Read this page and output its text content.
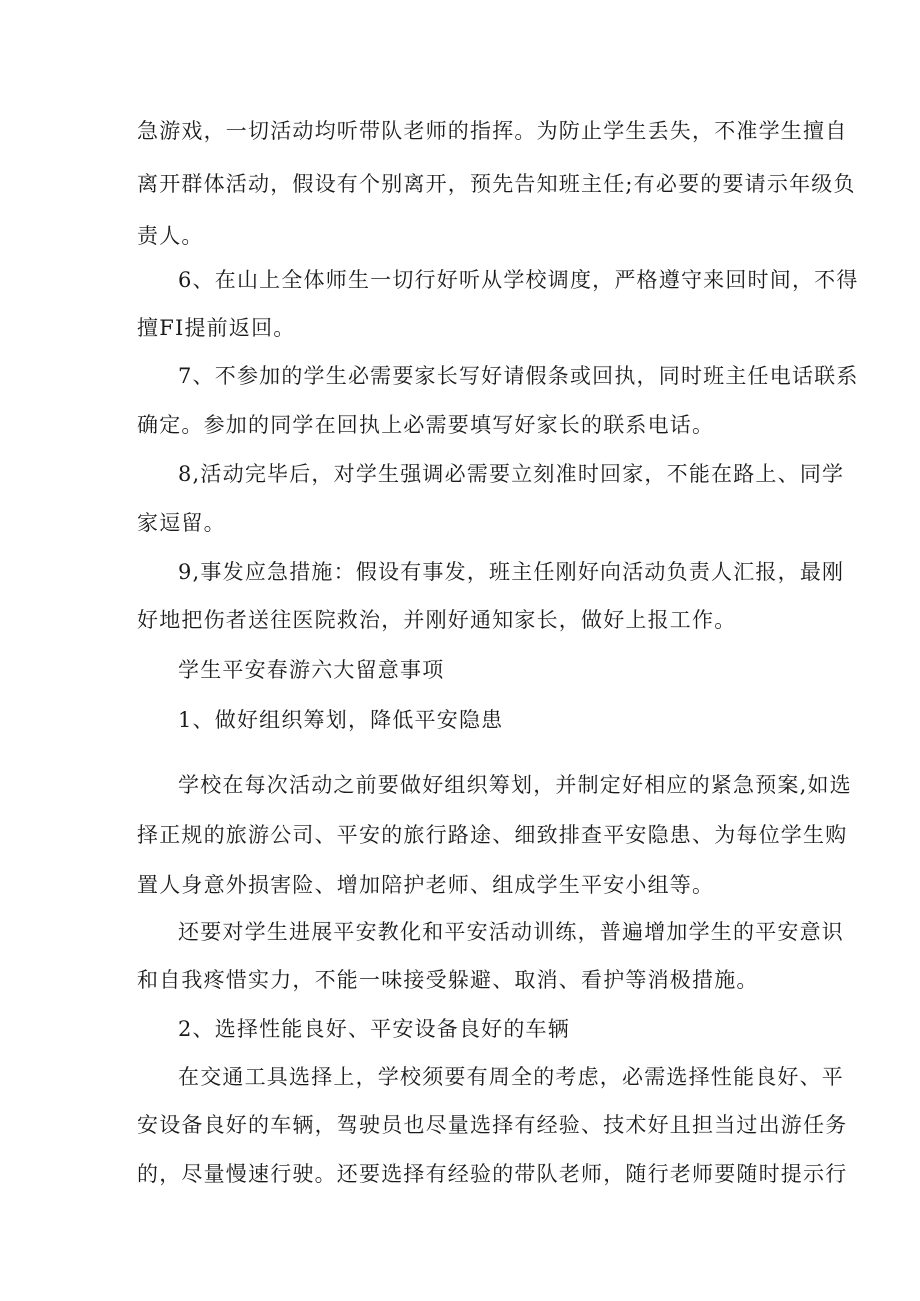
急游戏，一切活动均听带队老师的指挥。为防止学生丢失，不准学生擅自
离开群体活动，假设有个别离开，预先告知班主任;有必要的要请示年级负
责人。
6、在山上全体师生一切行好听从学校调度，严格遵守来回时间，不得
擅FI提前返回。
7、不参加的学生必需要家长写好请假条或回执，同时班主任电话联系
确定。参加的同学在回执上必需要填写好家长的联系电话。
8,活动完毕后，对学生强调必需要立刻准时回家，不能在路上、同学
家逗留。
9,事发应急措施：假设有事发，班主任刚好向活动负责人汇报，最刚
好地把伤者送往医院救治，并刚好通知家长，做好上报工作。
学生平安春游六大留意事项
1、做好组织筹划，降低平安隐患
学校在每次活动之前要做好组织筹划，并制定好相应的紧急预案,如选
择正规的旅游公司、平安的旅行路途、细致排查平安隐患、为每位学生购
置人身意外损害险、增加陪护老师、组成学生平安小组等。
还要对学生进展平安教化和平安活动训练，普遍增加学生的平安意识
和自我疼惜实力，不能一味接受躲避、取消、看护等消极措施。
2、选择性能良好、平安设备良好的车辆
在交通工具选择上，学校须要有周全的考虑，必需选择性能良好、平
安设备良好的车辆，驾驶员也尽量选择有经验、技术好且担当过出游任务
的，尽量慢速行驶。还要选择有经验的带队老师，随行老师要随时提示行
